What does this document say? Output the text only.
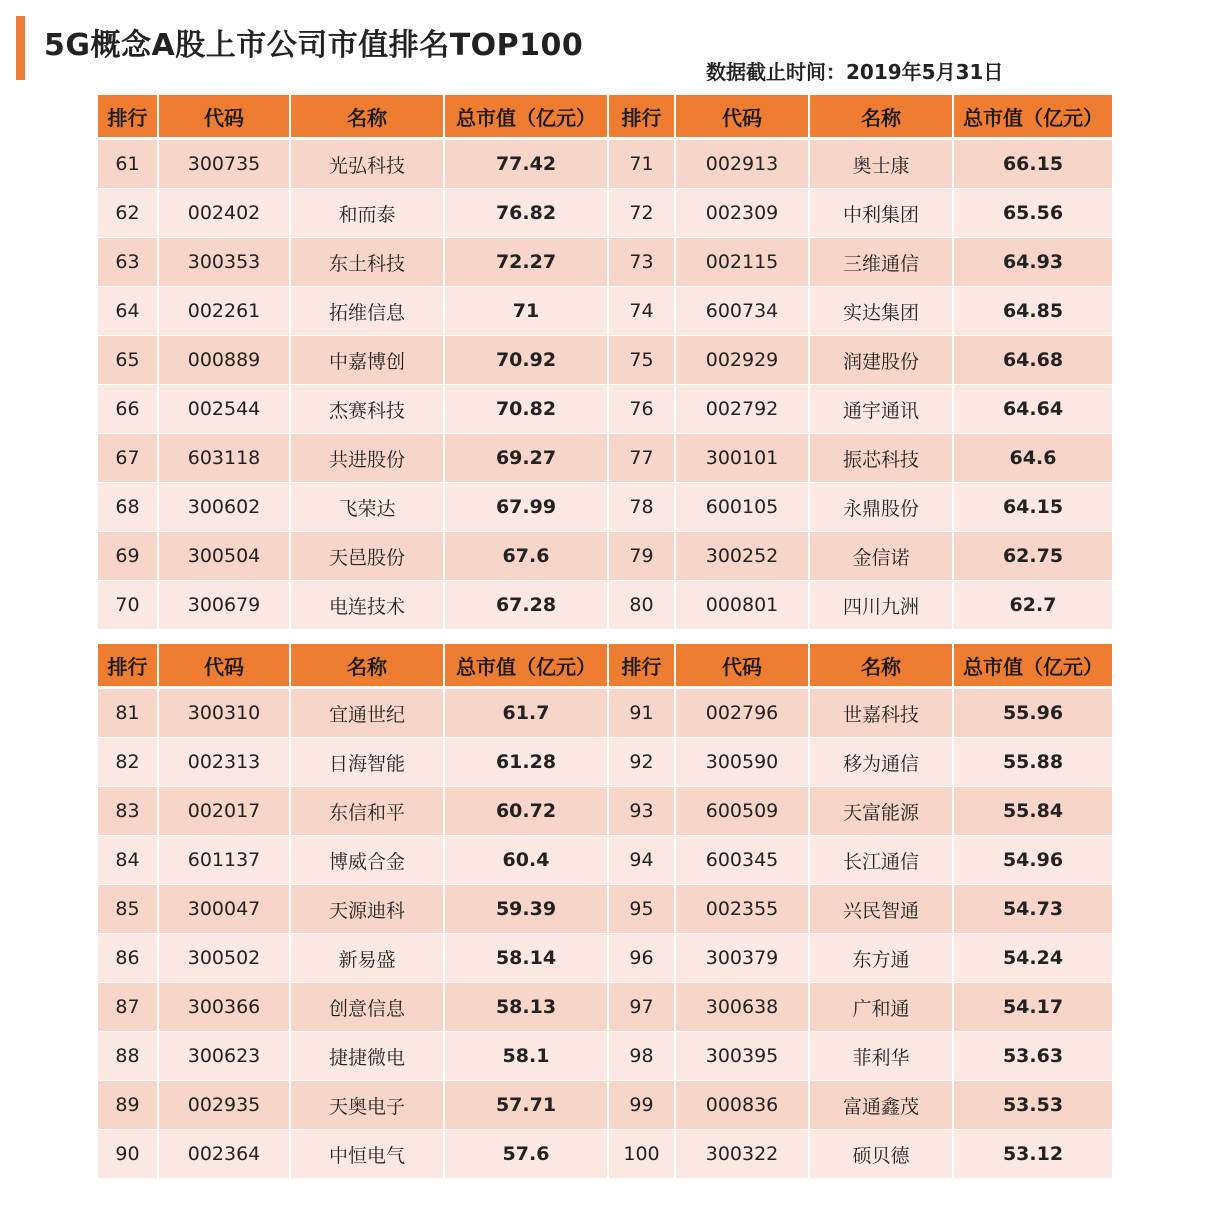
5G概念A股上市公司市值排名TOP100
数据截止时间：2019年5月31日
排行	代码	名称	总市值（亿元）	排行	代码	名称	总市值（亿元）
61	300735	光弘科技	77.42	71	002913	奥士康	66.15
62	002402	和而泰	76.82	72	002309	中利集团	65.56
63	300353	东土科技	72.27	73	002115	三维通信	64.93
64	002261	拓维信息	71	74	600734	实达集团	64.85
65	000889	中嘉博创	70.92	75	002929	润建股份	64.68
66	002544	杰赛科技	70.82	76	002792	通宇通讯	64.64
67	603118	共进股份	69.27	77	300101	振芯科技	64.6
68	300602	飞荣达	67.99	78	600105	永鼎股份	64.15
69	300504	天邑股份	67.6	79	300252	金信诺	62.75
70	300679	电连技术	67.28	80	000801	四川九洲	62.7
排行	代码	名称	总市值（亿元）	排行	代码	名称	总市值（亿元）
81	300310	宜通世纪	61.7	91	002796	世嘉科技	55.96
82	002313	日海智能	61.28	92	300590	移为通信	55.88
83	002017	东信和平	60.72	93	600509	天富能源	55.84
84	601137	博威合金	60.4	94	600345	长江通信	54.96
85	300047	天源迪科	59.39	95	002355	兴民智通	54.73
86	300502	新易盛	58.14	96	300379	东方通	54.24
87	300366	创意信息	58.13	97	300638	广和通	54.17
88	300623	捷捷微电	58.1	98	300395	菲利华	53.63
89	002935	天奥电子	57.71	99	000836	富通鑫茂	53.53
90	002364	中恒电气	57.6	100	300322	硕贝德	53.12
